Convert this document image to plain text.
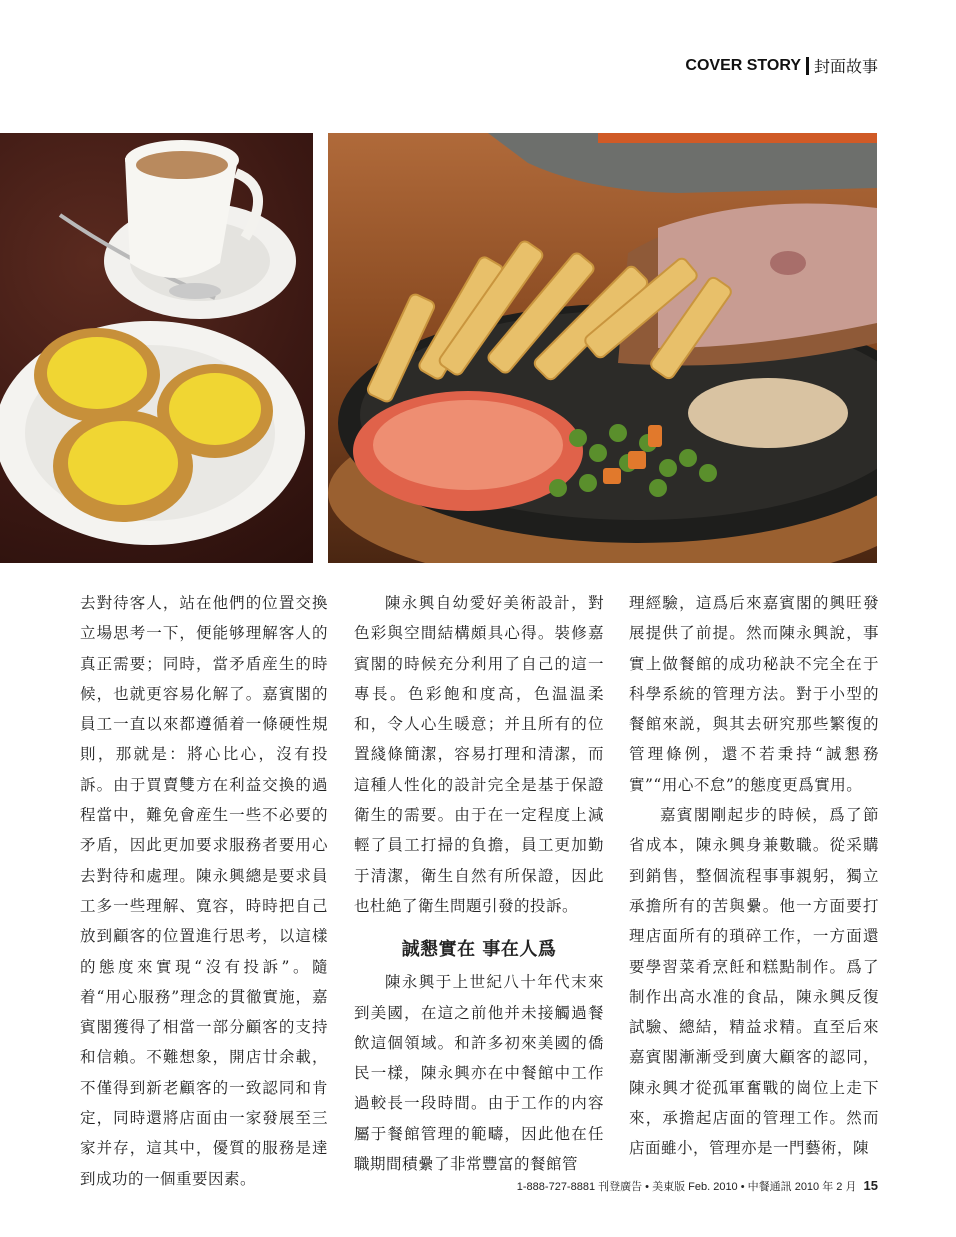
COVER STORY 封面故事

去對待客人，站在他們的位置交換立場思考一下，便能够理解客人的真正需要；同時，當矛盾産生的時候，也就更容易化解了。嘉賓閣的員工一直以來都遵循着一條硬性規則，那就是：將心比心，沒有投訴。由于買賣雙方在利益交換的過程當中，難免會産生一些不必要的矛盾，因此更加要求服務者要用心去對待和處理。陳永興總是要求員工多一些理解、寬容，時時把自己放到顧客的位置進行思考，以這樣的態度來實現“沒有投訴”。隨着“用心服務”理念的貫徹實施，嘉賓閣獲得了相當一部分顧客的支持和信賴。不難想象，開店廿余載，不僅得到新老顧客的一致認同和肯定，同時還將店面由一家發展至三家并存，這其中，優質的服務是達到成功的一個重要因素。

陳永興自幼愛好美術設計，對色彩與空間結構頗具心得。裝修嘉賓閣的時候充分利用了自己的這一專長。色彩飽和度高，色温温柔和，令人心生暖意；并且所有的位置綫條簡潔，容易打理和清潔，而這種人性化的設計完全是基于保證衛生的需要。由于在一定程度上減輕了員工打掃的負擔，員工更加勤于清潔，衛生自然有所保證，因此也杜絶了衛生問題引發的投訴。

誠懇實在 事在人爲

陳永興于上世紀八十年代末來到美國，在這之前他并未接觸過餐飲這個領域。和許多初來美國的僑民一樣，陳永興亦在中餐館中工作過較長一段時間。由于工作的内容屬于餐館管理的範疇，因此他在任職期間積纍了非常豐富的餐館管

理經驗，這爲后來嘉賓閣的興旺發展提供了前提。然而陳永興說，事實上做餐館的成功秘訣不完全在于科學系統的管理方法。對于小型的餐館來説，與其去研究那些繁復的管理條例，還不若秉持“誠懇務實”“用心不怠”的態度更爲實用。

嘉賓閣剛起步的時候，爲了節省成本，陳永興身兼數職。從采購到銷售，整個流程事事親躬，獨立承擔所有的苦與纍。他一方面要打理店面所有的瑣碎工作，一方面還要學習菜肴烹飪和糕點制作。爲了制作出高水准的食品，陳永興反復試驗、總結，精益求精。直至后來嘉賓閣漸漸受到廣大顧客的認同，陳永興才從孤軍奮戰的崗位上走下來，承擔起店面的管理工作。然而店面雖小，管理亦是一門藝術，陳

1-888-727-8881 刊登廣告 • 美東版 Feb. 2010 • 中餐通訊 2010 年 2 月 15
